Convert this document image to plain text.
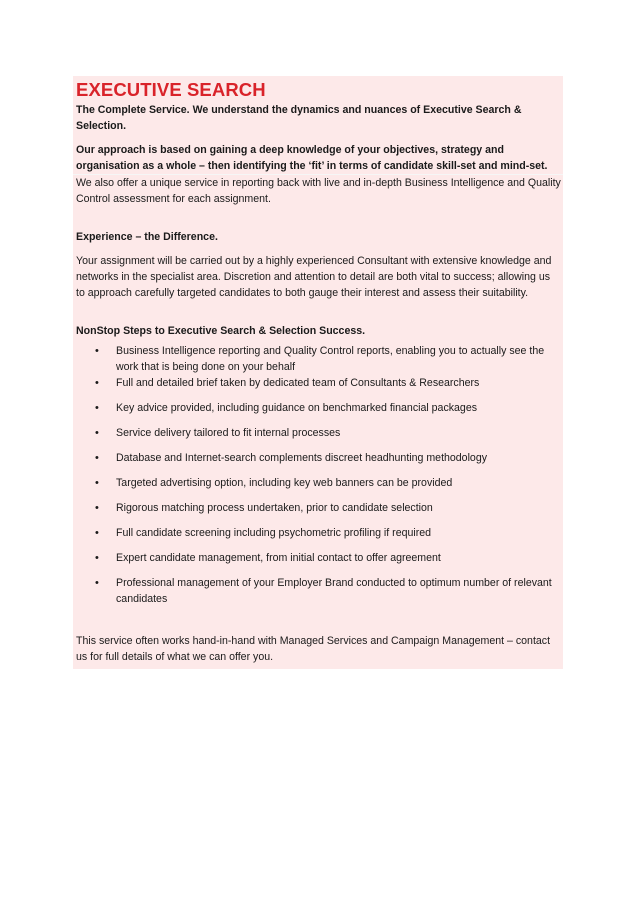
EXECUTIVE SEARCH
The Complete Service. We understand the dynamics and nuances of Executive Search & Selection.
Our approach is based on gaining a deep knowledge of your objectives, strategy and organisation as a whole – then identifying the ‘fit’ in terms of candidate skill-set and mind-set.
We also offer a unique service in reporting back with live and in-depth Business Intelligence and Quality Control assessment for each assignment.
Experience – the Difference.
Your assignment will be carried out by a highly experienced Consultant with extensive knowledge and networks in the specialist area. Discretion and attention to detail are both vital to success; allowing us to approach carefully targeted candidates to both gauge their interest and assess their suitability.
NonStop Steps to Executive Search & Selection Success.
• Business Intelligence reporting and Quality Control reports, enabling you to actually see the work that is being done on your behalf
• Full and detailed brief taken by dedicated team of Consultants & Researchers
• Key advice provided, including guidance on benchmarked financial packages
• Service delivery tailored to fit internal processes
• Database and Internet-search complements discreet headhunting methodology
• Targeted advertising option, including key web banners can be provided
• Rigorous matching process undertaken, prior to candidate selection
• Full candidate screening including psychometric profiling if required
• Expert candidate management, from initial contact to offer agreement
• Professional management of your Employer Brand conducted to optimum number of relevant candidates
This service often works hand-in-hand with Managed Services and Campaign Management – contact us for full details of what we can offer you.
